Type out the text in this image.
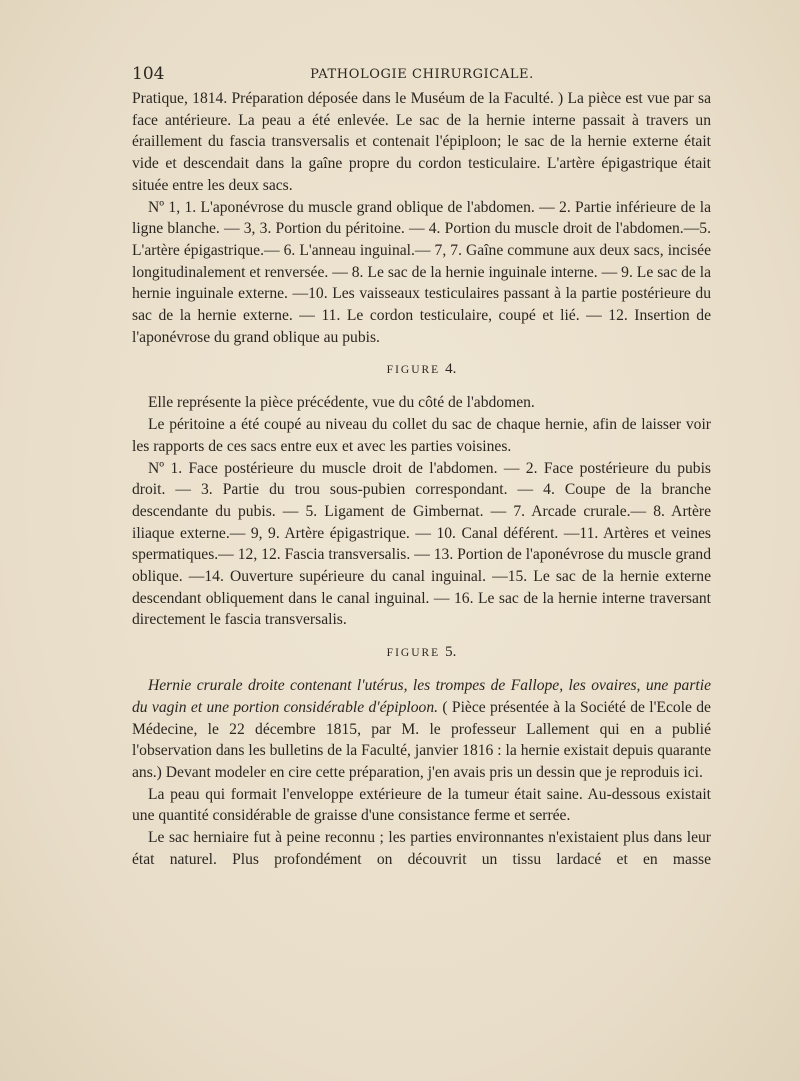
104	PATHOLOGIE CHIRURGICALE.

Pratique, 1814. Préparation déposée dans le Muséum de la Faculté. ) La pièce est vue par sa face antérieure. La peau a été enlevée. Le sac de la hernie interne passait à travers un éraillement du fascia transversalis et contenait l'épiploon; le sac de la hernie externe était vide et descendait dans la gaîne propre du cordon testiculaire. L'artère épigastrique était située entre les deux sacs.

Nº 1, 1. L'aponévrose du muscle grand oblique de l'abdomen. — 2. Partie inférieure de la ligne blanche. — 3, 3. Portion du péritoine. — 4. Portion du muscle droit de l'abdomen.—5. L'artère épigastrique.— 6. L'anneau inguinal.— 7, 7. Gaîne commune aux deux sacs, incisée longitudinalement et renversée. — 8. Le sac de la hernie inguinale interne. — 9. Le sac de la hernie inguinale externe. —10. Les vaisseaux testiculaires passant à la partie postérieure du sac de la hernie externe. — 11. Le cordon testiculaire, coupé et lié. — 12. Insertion de l'aponévrose du grand oblique au pubis.

FIGURE 4.

Elle représente la pièce précédente, vue du côté de l'abdomen.

Le péritoine a été coupé au niveau du collet du sac de chaque hernie, afin de laisser voir les rapports de ces sacs entre eux et avec les parties voisines.

Nº 1. Face postérieure du muscle droit de l'abdomen. — 2. Face postérieure du pubis droit. — 3. Partie du trou sous-pubien correspondant. — 4. Coupe de la branche descendante du pubis. — 5. Ligament de Gimbernat. — 7. Arcade crurale.— 8. Artère iliaque externe.— 9, 9. Artère épigastrique. — 10. Canal déférent. —11. Artères et veines spermatiques.— 12, 12. Fascia transversalis. — 13. Portion de l'aponévrose du muscle grand oblique. —14. Ouverture supérieure du canal inguinal. —15. Le sac de la hernie externe descendant obliquement dans le canal inguinal. — 16. Le sac de la hernie interne traversant directement le fascia transversalis.

FIGURE 5.

Hernie crurale droite contenant l'utérus, les trompes de Fallope, les ovaires, une partie du vagin et une portion considérable d'épiploon. ( Pièce présentée à la Société de l'Ecole de Médecine, le 22 décembre 1815, par M. le professeur Lallement qui en a publié l'observation dans les bulletins de la Faculté, janvier 1816 : la hernie existait depuis quarante ans.) Devant modeler en cire cette préparation, j'en avais pris un dessin que je reproduis ici.

La peau qui formait l'enveloppe extérieure de la tumeur était saine. Au-dessous existait une quantité considérable de graisse d'une consistance ferme et serrée.

Le sac herniaire fut à peine reconnu ; les parties environnantes n'existaient plus dans leur état naturel. Plus profondément on découvrit un tissu lardacé et en masse
